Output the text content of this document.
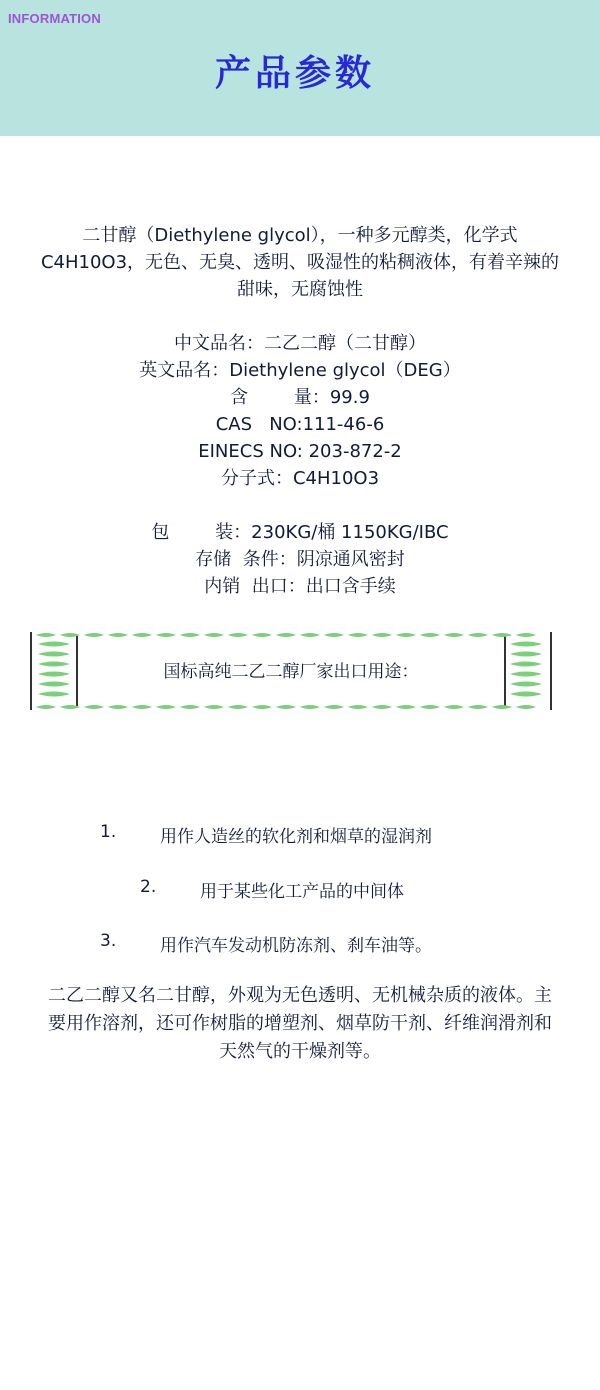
INFORMATION
产品参数
二甘醇（Diethylene glycol），一种多元醇类，化学式C4H10O3，无色、无臭、透明、吸湿性的粘稠液体，有着辛辣的甜味，无腐蚀性
中文品名：二乙二醇（二甘醇）
英文品名：Diethylene glycol（DEG）
含        量：99.9
CAS   NO:111-46-6
EINECS NO: 203-872-2
分子式：C4H10O3
包        装：230KG/桶 1150KG/IBC
存储  条件：阴凉通风密封
内销  出口：出口含手续
国标高纯二乙二醇厂家出口用途：
1.	用作人造丝的软化剂和烟草的湿润剂
2.	用于某些化工产品的中间体
3.	用作汽车发动机防冻剂、刹车油等。
二乙二醇又名二甘醇，外观为无色透明、无机械杂质的液体。主要用作溶剂，还可作树脂的增塑剂、烟草防干剂、纤维润滑剂和天然气的干燥剂等。
